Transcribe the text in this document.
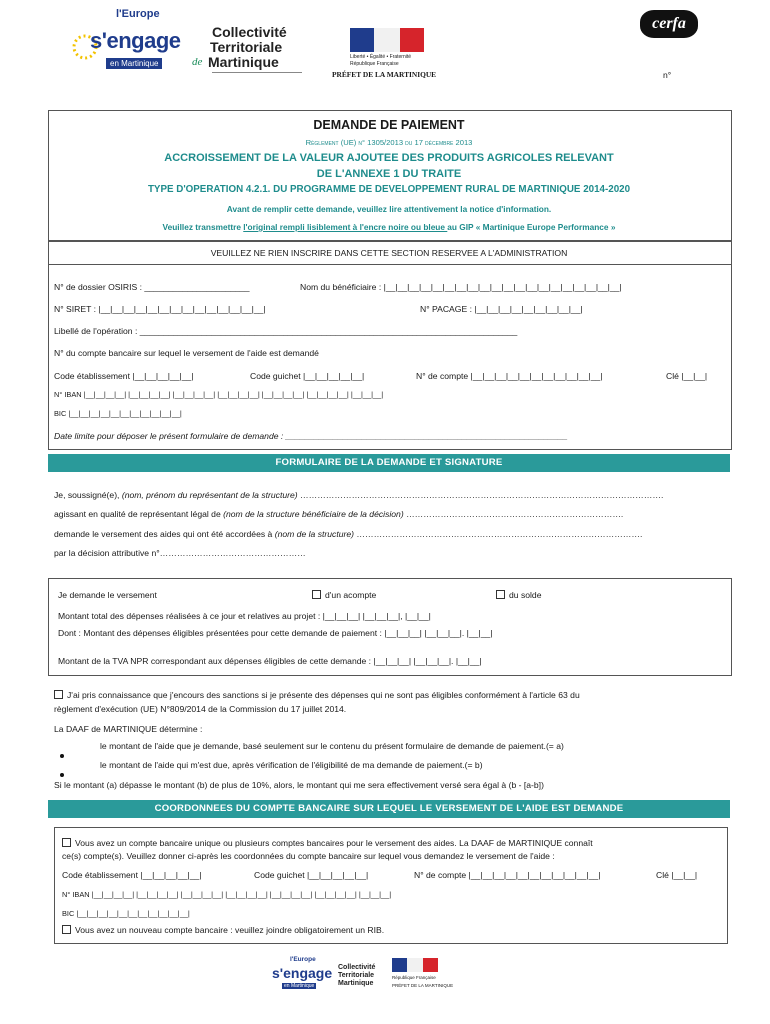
l'Europe
s'engage
en Martinique
Collectivité
Territoriale
de Martinique	Liberté • Égalité • Fraternité
République Française
PRÉFET DE LA MARTINIQUE
cerfa
n°
DEMANDE DE PAIEMENT
Règlement (UE) n° 1305/2013 du 17 décembre 2013
ACCROISSEMENT DE LA VALEUR AJOUTEE DES PRODUITS AGRICOLES RELEVANT
DE L'ANNEXE 1 DU TRAITE
TYPE D'OPERATION 4.2.1. DU PROGRAMME DE DEVELOPPEMENT RURAL DE MARTINIQUE 2014-2020
Avant de remplir cette demande, veuillez lire attentivement la notice d'information.
Veuillez transmettre l'original rempli lisiblement à l'encre noire ou bleue au GIP « Martinique Europe Performance »
VEUILLEZ NE RIEN INSCRIRE DANS CETTE SECTION RESERVEE A L'ADMINISTRATION
N° de dossier OSIRIS : ______________________	Nom du bénéficiaire : |__|__|__|__|__|__|__|__|__|__|__|__|__|__|__|__|__|__|__|__|
N° SIRET : |__|__|__|__|__|__|__|__|__|__|__|__|__|__|	N° PACAGE : |__|__|__|__|__|__|__|__|__|
Libellé de l'opération : _______________________________________________________________________________
N° du compte bancaire sur lequel le versement de l'aide est demandé
Code établissement |__|__|__|__|__|	Code guichet |__|__|__|__|__|	N° de compte |__|__|__|__|__|__|__|__|__|__|__|	Clé |__|__|
N° IBAN |__|__|__|__| |__|__|__|__| |__|__|__|__| |__|__|__|__| |__|__|__|__| |__|__|__|__| |__|__|__|
BIC |__|__|__|__|__|__|__|__|__|__|__|
Date limite pour déposer le présent formulaire de demande : ___________________________________________________________
FORMULAIRE DE LA DEMANDE ET SIGNATURE
Je, soussigné(e), (nom, prénom du représentant de la structure) ……………………………………………………………………………………………………………….
agissant en qualité de représentant légal de (nom de la structure bénéficiaire de la décision) ………………………………………………………………….
demande le versement des aides qui ont été accordées à (nom de la structure) ……………………………………………………………………………………….
par la décision attributive n°……………………………………………
Je demande le versement	d'un acompte	du solde
Montant total des dépenses réalisées à ce jour et relatives au projet : |__|__|__| |__|__|__|, |__|__|
Dont : Montant des dépenses éligibles présentées pour cette demande de paiement : |__|__|__| |__|__|__|. |__|__|
Montant de la TVA NPR correspondant aux dépenses éligibles de cette demande : |__|__|__| |__|__|__|. |__|__|
J'ai pris connaissance que j'encours des sanctions si je présente des dépenses qui ne sont pas éligibles conformément à l'article 63 du
règlement d'exécution (UE) N°809/2014 de la Commission du 17 juillet 2014.
La DAAF de MARTINIQUE détermine :
le montant de l'aide que je demande, basé seulement sur le contenu du présent formulaire de demande de paiement.(= a)
le montant de l'aide qui m'est due, après vérification de l'éligibilité de ma demande de paiement.(= b)
Si le montant (a) dépasse le montant (b) de plus de 10%, alors, le montant qui me sera effectivement versé sera égal à (b - [a-b])
COORDONNEES DU COMPTE BANCAIRE SUR LEQUEL LE VERSEMENT DE L'AIDE EST DEMANDE
Vous avez un compte bancaire unique ou plusieurs comptes bancaires pour le versement des aides. La DAAF de MARTINIQUE connaît
ce(s) compte(s). Veuillez donner ci-après les coordonnées du compte bancaire sur lequel vous demandez le versement de l'aide :
Code établissement |__|__|__|__|__|	Code guichet |__|__|__|__|__|	N° de compte |__|__|__|__|__|__|__|__|__|__|__|	Clé |__|__|
N° IBAN |__|__|__|__| |__|__|__|__| |__|__|__|__| |__|__|__|__| |__|__|__|__| |__|__|__|__| |__|__|__|
BIC |__|__|__|__|__|__|__|__|__|__|__|
Vous avez un nouveau compte bancaire : veuillez joindre obligatoirement un RIB.
l'Europe
s'engage
en Martinique
Collectivité
Territoriale
Martinique
République Française
PRÉFET DE LA MARTINIQUE
